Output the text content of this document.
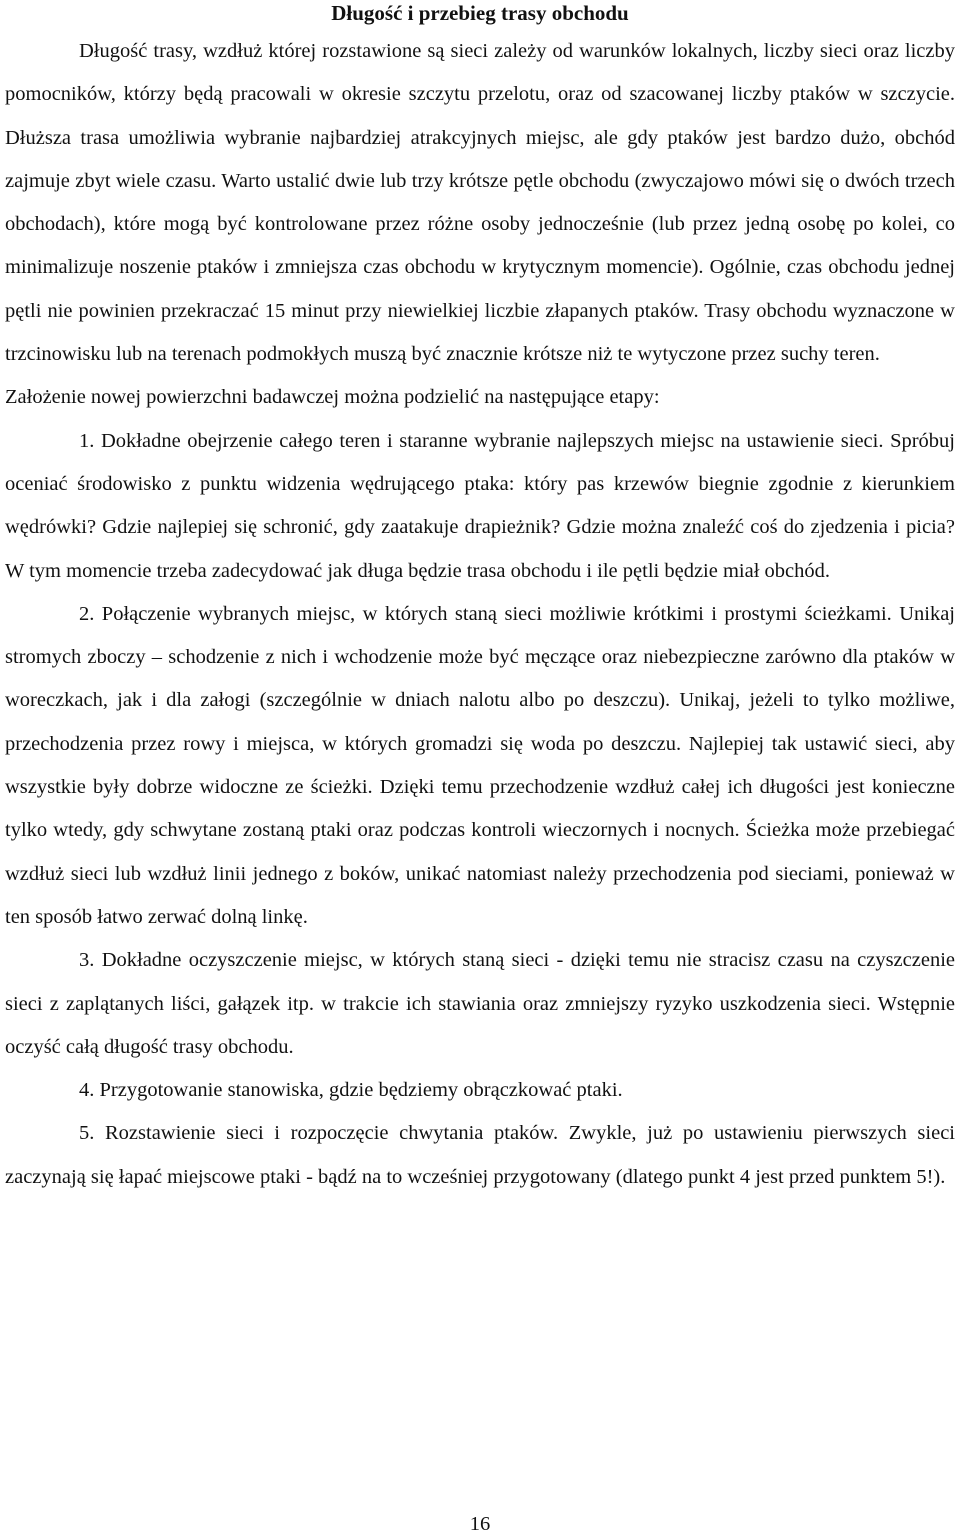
Długość i przebieg trasy obchodu

Długość trasy, wzdłuż której rozstawione są sieci zależy od warunków lokalnych, liczby sieci oraz liczby pomocników, którzy będą pracowali w okresie szczytu przelotu, oraz od szacowanej liczby ptaków w szczycie. Dłuższa trasa umożliwia wybranie najbardziej atrakcyjnych miejsc, ale gdy ptaków jest bardzo dużo, obchód zajmuje zbyt wiele czasu. Warto ustalić dwie lub trzy krótsze pętle obchodu (zwyczajowo mówi się o dwóch trzech obchodach), które mogą być kontrolowane przez różne osoby jednocześnie (lub przez jedną osobę po kolei, co minimalizuje noszenie ptaków i zmniejsza czas obchodu w krytycznym momencie). Ogólnie, czas obchodu jednej pętli nie powinien przekraczać 15 minut przy niewielkiej liczbie złapanych ptaków. Trasy obchodu wyznaczone w trzcinowisku lub na terenach podmokłych muszą być znacznie krótsze niż te wytyczone przez suchy teren.

Założenie nowej powierzchni badawczej można podzielić na następujące etapy:

1. Dokładne obejrzenie całego teren i staranne wybranie najlepszych miejsc na ustawienie sieci. Spróbuj oceniać środowisko z punktu widzenia wędrującego ptaka: który pas krzewów biegnie zgodnie z kierunkiem wędrówki? Gdzie najlepiej się schronić, gdy zaatakuje drapieżnik? Gdzie można znaleźć coś do zjedzenia i picia? W tym momencie trzeba zadecydować jak długa będzie trasa obchodu i ile pętli będzie miał obchód.

2. Połączenie wybranych miejsc, w których staną sieci możliwie krótkimi i prostymi ścieżkami. Unikaj stromych zboczy – schodzenie z nich i wchodzenie może być męczące oraz niebezpieczne zarówno dla ptaków w woreczkach, jak i dla załogi (szczególnie w dniach nalotu albo po deszczu). Unikaj, jeżeli to tylko możliwe, przechodzenia przez rowy i miejsca, w których gromadzi się woda po deszczu. Najlepiej tak ustawić sieci, aby wszystkie były dobrze widoczne ze ścieżki. Dzięki temu przechodzenie wzdłuż całej ich długości jest konieczne tylko wtedy, gdy schwytane zostaną ptaki oraz podczas kontroli wieczornych i nocnych. Ścieżka może przebiegać wzdłuż sieci lub wzdłuż linii jednego z boków, unikać natomiast należy przechodzenia pod sieciami, ponieważ w ten sposób łatwo zerwać dolną linkę.

3. Dokładne oczyszczenie miejsc, w których staną sieci - dzięki temu nie stracisz czasu na czyszczenie sieci z zaplątanych liści, gałązek itp. w trakcie ich stawiania oraz zmniejszy ryzyko uszkodzenia sieci. Wstępnie oczyść całą długość trasy obchodu.

4. Przygotowanie stanowiska, gdzie będziemy obrączkować ptaki.

5. Rozstawienie sieci i rozpoczęcie chwytania ptaków. Zwykle, już po ustawieniu pierwszych sieci zaczynają się łapać miejscowe ptaki - bądź na to wcześniej przygotowany (dlatego punkt 4 jest przed punktem 5!).

16
